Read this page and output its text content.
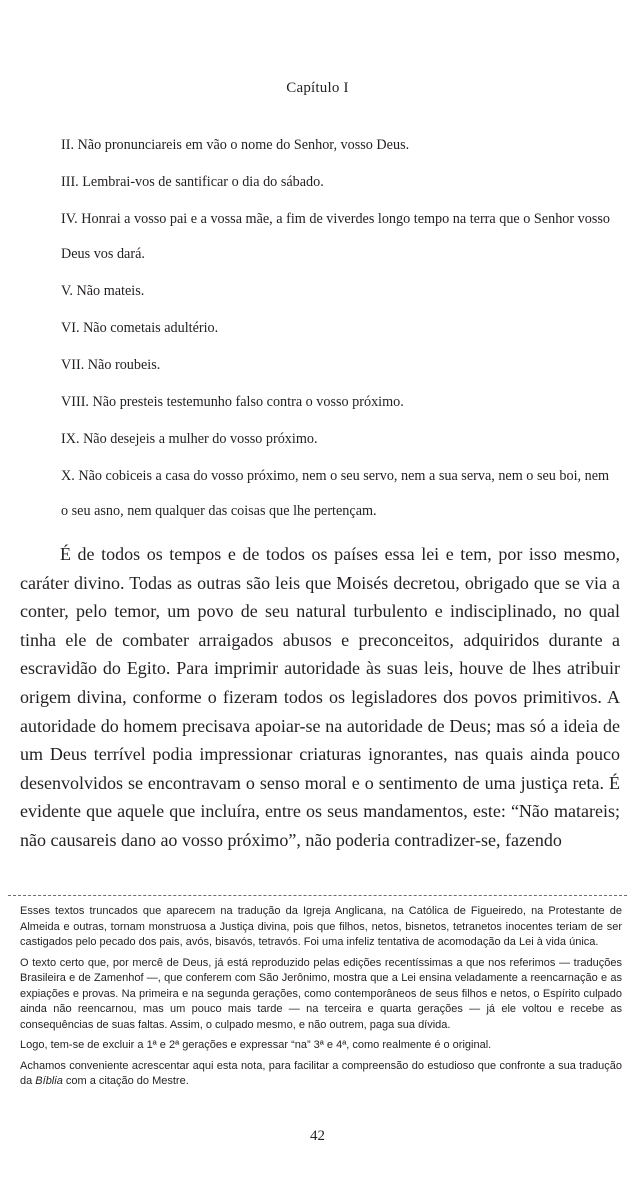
Capítulo I

II. Não pronunciareis em vão o nome do Senhor, vosso Deus.

III. Lembrai-vos de santificar o dia do sábado.

IV. Honrai a vosso pai e a vossa mãe, a fim de viverdes longo tempo na terra que o Senhor vosso Deus vos dará.

V. Não mateis.

VI. Não cometais adultério.

VII. Não roubeis.

VIII. Não presteis testemunho falso contra o vosso próximo.

IX. Não desejeis a mulher do vosso próximo.

X. Não cobiceis a casa do vosso próximo, nem o seu servo, nem a sua serva, nem o seu boi, nem o seu asno, nem qualquer das coisas que lhe pertençam.

É de todos os tempos e de todos os países essa lei e tem, por isso mesmo, caráter divino. Todas as outras são leis que Moisés decretou, obrigado que se via a conter, pelo temor, um povo de seu natural turbulento e indisciplinado, no qual tinha ele de combater arraigados abusos e preconceitos, adquiridos durante a escravidão do Egito. Para imprimir autoridade às suas leis, houve de lhes atribuir origem divina, conforme o fizeram todos os legisladores dos povos primitivos. A autoridade do homem precisava apoiar-se na autoridade de Deus; mas só a ideia de um Deus terrível podia impressionar criaturas ignorantes, nas quais ainda pouco desenvolvidos se encontravam o senso moral e o sentimento de uma justiça reta. É evidente que aquele que incluíra, entre os seus mandamentos, este: “Não matareis; não causareis dano ao vosso próximo”, não poderia contradizer-se, fazendo

Esses textos truncados que aparecem na tradução da Igreja Anglicana, na Católica de Figueiredo, na Protestante de Almeida e outras, tornam monstruosa a Justiça divina, pois que filhos, netos, bisnetos, tetranetos inocentes teriam de ser castigados pelo pecado dos pais, avós, bisavós, tetravós. Foi uma infeliz tentativa de acomodação da Lei à vida única.

O texto certo que, por mercê de Deus, já está reproduzido pelas edições recentíssimas a que nos referimos — traduções Brasileira e de Zamenhof —, que conferem com São Jerônimo, mostra que a Lei ensina veladamente a reencarnação e as expiações e provas. Na primeira e na segunda gerações, como contemporâneos de seus filhos e netos, o Espírito culpado ainda não reencarnou, mas um pouco mais tarde — na terceira e quarta gerações — já ele voltou e recebe as consequências de suas faltas. Assim, o culpado mesmo, e não outrem, paga sua dívida.

Logo, tem-se de excluir a 1ª e 2ª gerações e expressar “na” 3ª e 4ª, como realmente é o original.

Achamos conveniente acrescentar aqui esta nota, para facilitar a compreensão do estudioso que confronte a sua tradução da Bíblia com a citação do Mestre.

42
